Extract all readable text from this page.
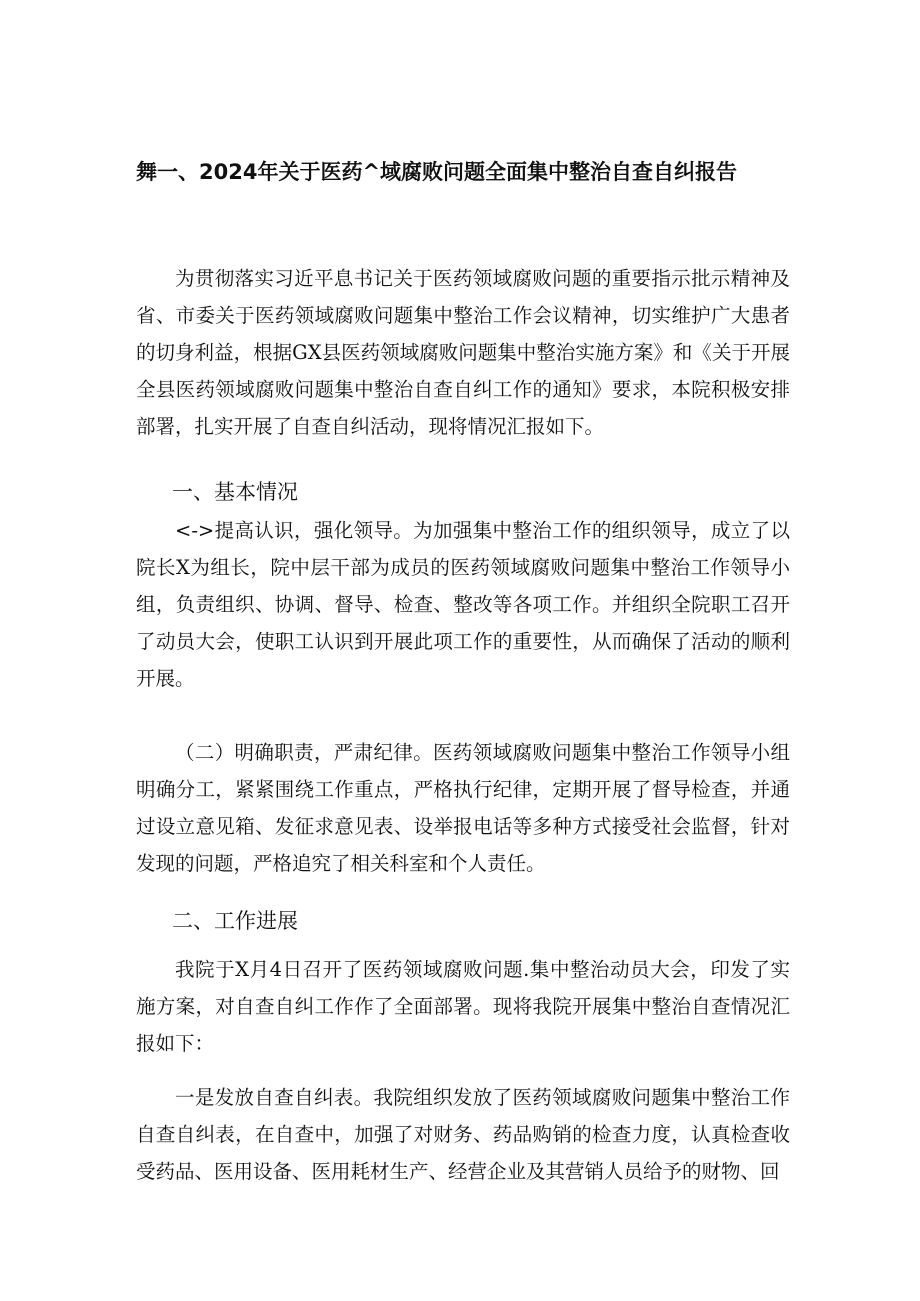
舞一、2024年关于医药^域腐败问题全面集中整治自查自纠报告

为贯彻落实习近平息书记关于医药领域腐败问题的重要指示批示精神及省、市委关于医药领域腐败问题集中整治工作会议精神，切实维护广大患者的切身利益，根据GX县医药领域腐败问题集中整治实施方案》和《关于开展全县医药领域腐败问题集中整治自查自纠工作的通知》要求，本院积极安排部署，扎实开展了自查自纠活动，现将情况汇报如下。

一、基本情况

<->提高认识，强化领导。为加强集中整治工作的组织领导，成立了以院长X为组长，院中层干部为成员的医药领域腐败问题集中整治工作领导小组，负责组织、协调、督导、检查、整改等各项工作。并组织全院职工召开了动员大会，使职工认识到开展此项工作的重要性，从而确保了活动的顺利开展。

（二）明确职责，严肃纪律。医药领域腐败问题集中整治工作领导小组明确分工，紧紧围绕工作重点，严格执行纪律，定期开展了督导检查，并通过设立意见箱、发征求意见表、设举报电话等多种方式接受社会监督，针对发现的问题，严格追究了相关科室和个人责任。

二、工作进展

我院于X月4日召开了医药领域腐败问题.集中整治动员大会，印发了实施方案，对自查自纠工作作了全面部署。现将我院开展集中整治自查情况汇报如下：

一是发放自查自纠表。我院组织发放了医药领域腐败问题集中整治工作自查自纠表，在自查中，加强了对财务、药品购销的检查力度，认真检查收受药品、医用设备、医用耗材生产、经营企业及其营销人员给予的财物、回
